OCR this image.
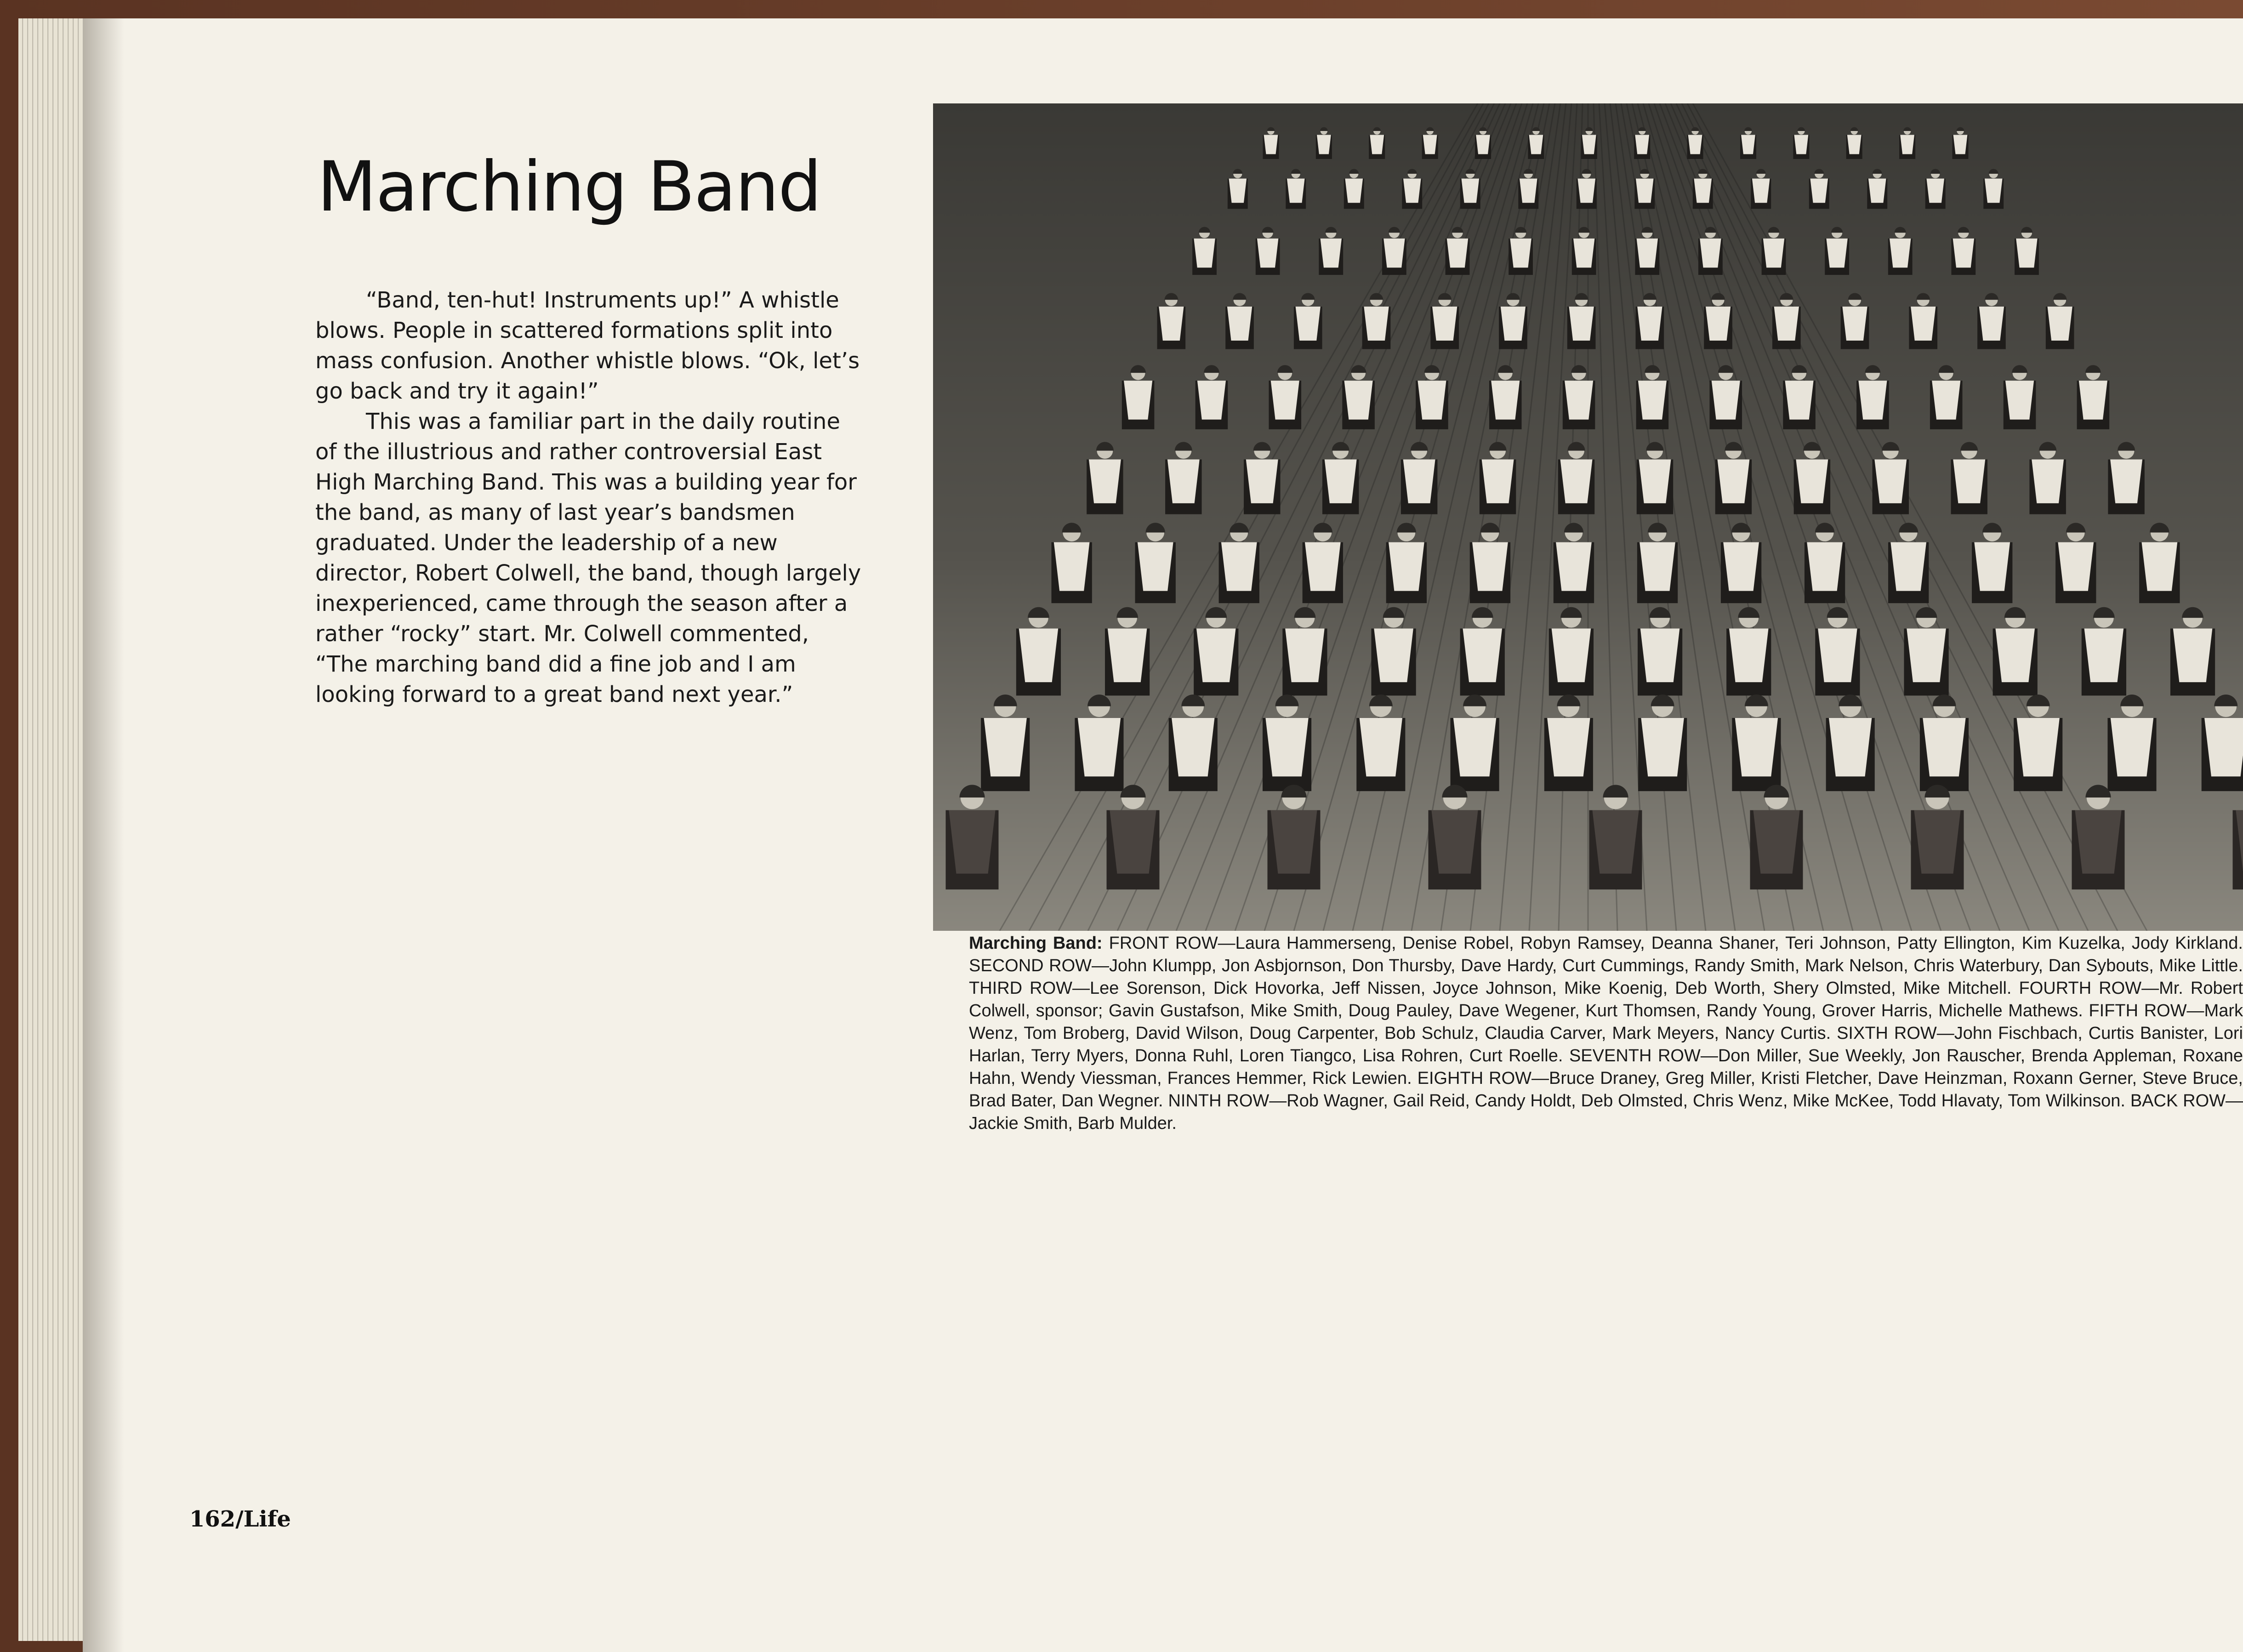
Marching Band

“Band, ten-hut! Instruments up!” A whistle blows. People in scattered formations split into mass confusion. Another whistle blows. “Ok, let’s go back and try it again!”

This was a familiar part in the daily routine of the illustrious and rather controversial East High Marching Band. This was a building year for the band, as many of last year’s bandsmen graduated. Under the leadership of a new director, Robert Colwell, the band, though largely inexperienced, came through the season after a rather “rocky” start. Mr. Colwell commented, “The marching band did a fine job and I am looking forward to a great band next year.”

Marching Band: FRONT ROW—Laura Hammerseng, Denise Robel, Robyn Ramsey, Deanna Shaner, Teri Johnson, Patty Ellington, Kim Kuzelka, Jody Kirkland. SECOND ROW—John Klumpp, Jon Asbjornson, Don Thursby, Dave Hardy, Curt Cummings, Randy Smith, Mark Nelson, Chris Waterbury, Dan Sybouts, Mike Little. THIRD ROW—Lee Sorenson, Dick Hovorka, Jeff Nissen, Joyce Johnson, Mike Koenig, Deb Worth, Shery Olmsted, Mike Mitchell. FOURTH ROW—Mr. Robert Colwell, sponsor; Gavin Gustafson, Mike Smith, Doug Pauley, Dave Wegener, Kurt Thomsen, Randy Young, Grover Harris, Michelle Mathews. FIFTH ROW—Mark Wenz, Tom Broberg, David Wilson, Doug Carpenter, Bob Schulz, Claudia Carver, Mark Meyers, Nancy Curtis. SIXTH ROW—John Fischbach, Curtis Banister, Lori Harlan, Terry Myers, Donna Ruhl, Loren Tiangco, Lisa Rohren, Curt Roelle. SEVENTH ROW—Don Miller, Sue Weekly, Jon Rauscher, Brenda Appleman, Roxane Hahn, Wendy Viessman, Frances Hemmer, Rick Lewien. EIGHTH ROW—Bruce Draney, Greg Miller, Kristi Fletcher, Dave Heinzman, Roxann Gerner, Steve Bruce, Brad Bater, Dan Wegner. NINTH ROW—Rob Wagner, Gail Reid, Candy Holdt, Deb Olmsted, Chris Wenz, Mike McKee, Todd Hlavaty, Tom Wilkinson. BACK ROW—Jackie Smith, Barb Mulder.
162/Life
